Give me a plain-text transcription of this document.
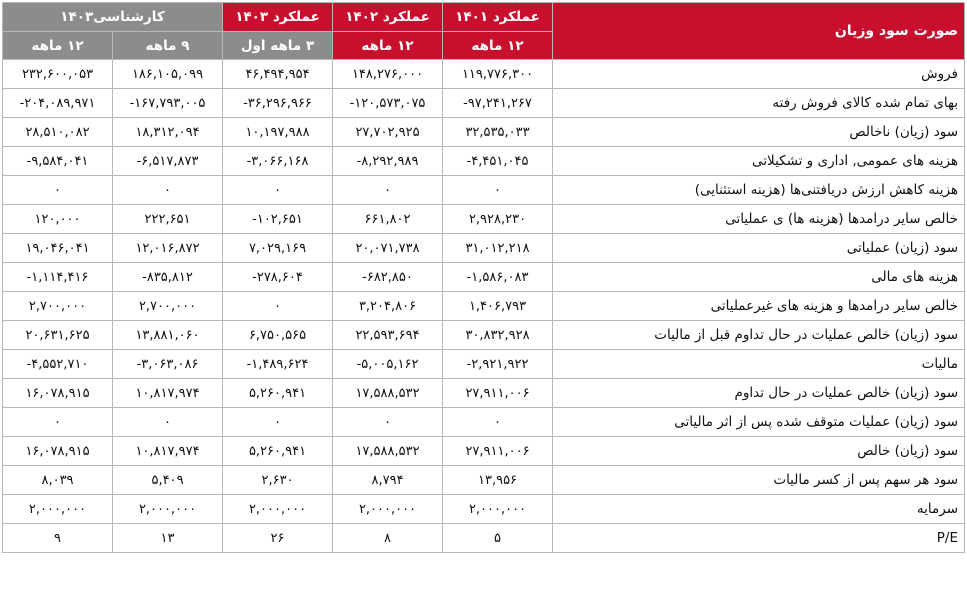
صورت سود وزیان	عملکرد ۱۴۰۱	عملکرد ۱۴۰۲	عملکرد ۱۴۰۳	کارشناسی۱۴۰۳	
	۱۲ ماهه	۱۲ ماهه	۳ ماهه اول	۹ ماهه	۱۲ ماهه
فروش	۱۱۹,۷۷۶,۳۰۰	۱۴۸,۲۷۶,۰۰۰	۴۶,۴۹۴,۹۵۴	۱۸۶,۱۰۵,۰۹۹	۲۳۲,۶۰۰,۰۵۳
بهای تمام شده کالای فروش رفته	-۹۷,۲۴۱,۲۶۷	-۱۲۰,۵۷۳,۰۷۵	-۳۶,۲۹۶,۹۶۶	-۱۶۷,۷۹۳,۰۰۵	-۲۰۴,۰۸۹,۹۷۱
سود (زیان) ناخالص	۳۲,۵۳۵,۰۳۳	۲۷,۷۰۲,۹۲۵	۱۰,۱۹۷,۹۸۸	۱۸,۳۱۲,۰۹۴	۲۸,۵۱۰,۰۸۲
هزینه های عمومی, اداری و تشکیلاتی	-۴,۴۵۱,۰۴۵	-۸,۲۹۲,۹۸۹	-۳,۰۶۶,۱۶۸	-۶,۵۱۷,۸۷۳	-۹,۵۸۴,۰۴۱
هزینه کاهش ارزش دریافتنی‌ها (هزینه استثنایی)	۰	۰	۰	۰	۰
خالص سایر درامدها (هزینه ها) ی عملیاتی	۲,۹۲۸,۲۳۰	۶۶۱,۸۰۲	-۱۰۲,۶۵۱	۲۲۲,۶۵۱	۱۲۰,۰۰۰
سود (زیان) عملیاتی	۳۱,۰۱۲,۲۱۸	۲۰,۰۷۱,۷۳۸	۷,۰۲۹,۱۶۹	۱۲,۰۱۶,۸۷۲	۱۹,۰۴۶,۰۴۱
هزینه های مالی	-۱,۵۸۶,۰۸۳	-۶۸۲,۸۵۰	-۲۷۸,۶۰۴	-۸۳۵,۸۱۲	-۱,۱۱۴,۴۱۶
خالص سایر درامدها و هزینه های غیرعملیاتی	۱,۴۰۶,۷۹۳	۳,۲۰۴,۸۰۶	۰	۲,۷۰۰,۰۰۰	۲,۷۰۰,۰۰۰
سود (زیان) خالص عملیات در حال تداوم قبل از مالیات	۳۰,۸۳۲,۹۲۸	۲۲,۵۹۳,۶۹۴	۶,۷۵۰,۵۶۵	۱۳,۸۸۱,۰۶۰	۲۰,۶۳۱,۶۲۵
مالیات	-۲,۹۲۱,۹۲۲	-۵,۰۰۵,۱۶۲	-۱,۴۸۹,۶۲۴	-۳,۰۶۳,۰۸۶	-۴,۵۵۲,۷۱۰
سود (زیان) خالص عملیات در حال تداوم	۲۷,۹۱۱,۰۰۶	۱۷,۵۸۸,۵۳۲	۵,۲۶۰,۹۴۱	۱۰,۸۱۷,۹۷۴	۱۶,۰۷۸,۹۱۵
سود (زیان) عملیات متوقف شده پس از اثر مالیاتی	۰	۰	۰	۰	۰
سود (زیان) خالص	۲۷,۹۱۱,۰۰۶	۱۷,۵۸۸,۵۳۲	۵,۲۶۰,۹۴۱	۱۰,۸۱۷,۹۷۴	۱۶,۰۷۸,۹۱۵
سود هر سهم پس از کسر مالیات	۱۳,۹۵۶	۸,۷۹۴	۲,۶۳۰	۵,۴۰۹	۸,۰۳۹
سرمایه	۲,۰۰۰,۰۰۰	۲,۰۰۰,۰۰۰	۲,۰۰۰,۰۰۰	۲,۰۰۰,۰۰۰	۲,۰۰۰,۰۰۰
P/E	۵	۸	۲۶	۱۳	۹
